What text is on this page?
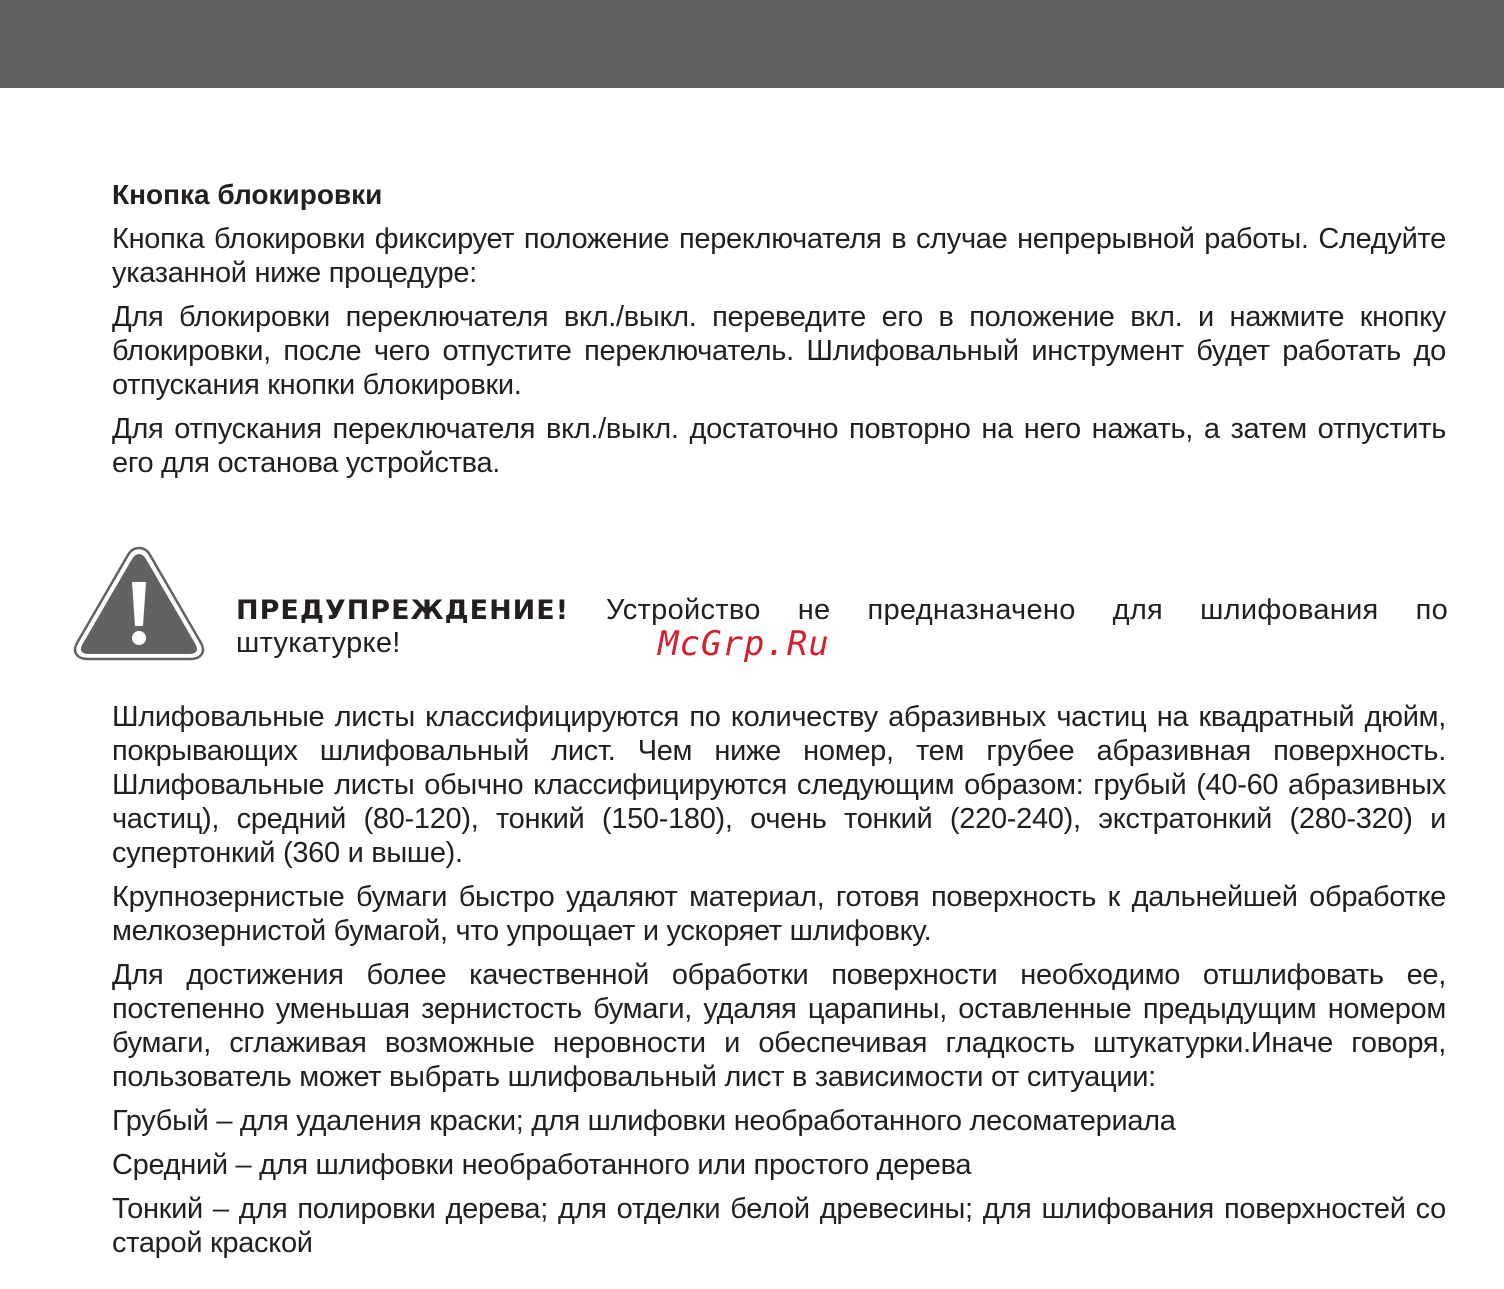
Кнопка блокировки

Кнопка блокировки фиксирует положение переключателя в случае непрерывной работы. Следуйте указанной ниже процедуре:

Для блокировки переключателя вкл./выкл. переведите его в положение вкл. и нажмите кнопку блокировки, после чего отпустите переключатель. Шлифовальный инструмент будет работать до отпускания кнопки блокировки.

Для отпускания переключателя вкл./выкл. достаточно повторно на него нажать, а затем отпустить его для останова устройства.

ПРЕДУПРЕЖДЕНИЕ! Устройство не предназначено для шлифования по штукатурке!	McGrp.Ru

Шлифовальные листы классифицируются по количеству абразивных частиц на квадратный дюйм, покрывающих шлифовальный лист. Чем ниже номер, тем грубее абразивная поверхность. Шлифовальные листы обычно классифицируются следующим образом: грубый (40-60 абразивных частиц), средний (80-120), тонкий (150-180), очень тонкий (220-240), экстратонкий (280-320) и супертонкий (360 и выше).

Крупнозернистые бумаги быстро удаляют материал, готовя поверхность к дальнейшей обработке мелкозернистой бумагой, что упрощает и ускоряет шлифовку.

Для достижения более качественной обработки поверхности необходимо отшлифовать ее, постепенно уменьшая зернистость бумаги, удаляя царапины, оставленные предыдущим номером бумаги, сглаживая возможные неровности и обеспечивая гладкость штукатурки.Иначе говоря, пользователь может выбрать шлифовальный лист в зависимости от ситуации:

Грубый – для удаления краски; для шлифовки необработанного лесоматериала

Средний – для шлифовки необработанного или простого дерева

Тонкий – для полировки дерева; для отделки белой древесины; для шлифования поверхностей со старой краской
